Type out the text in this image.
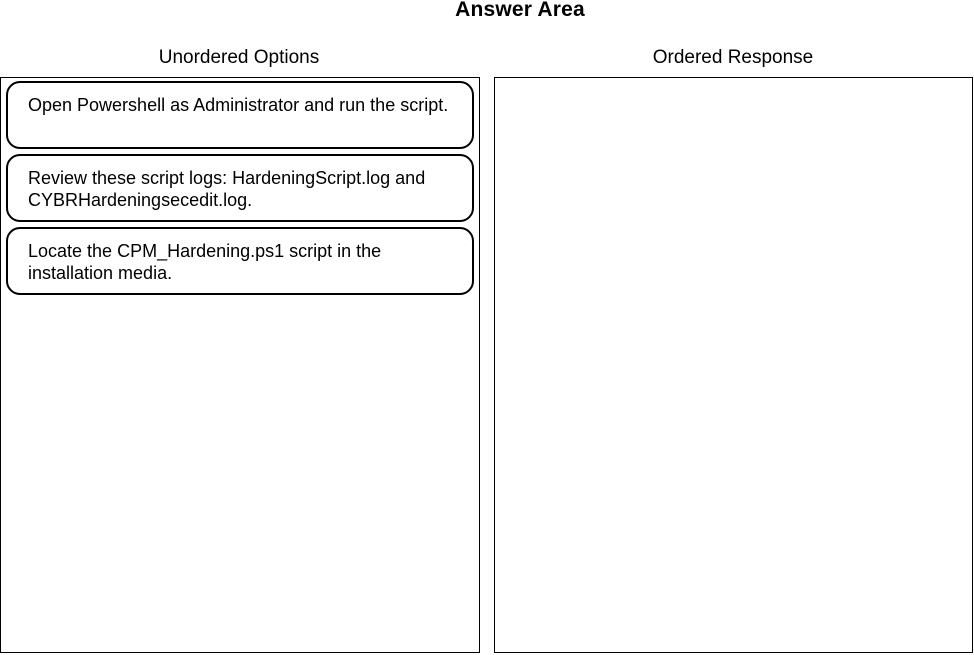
Answer Area
Unordered Options	Ordered Response
Open Powershell as Administrator and run the script.
Review these script logs: HardeningScript.log and CYBRHardeningsecedit.log.
Locate the CPM_Hardening.ps1 script in the installation media.
